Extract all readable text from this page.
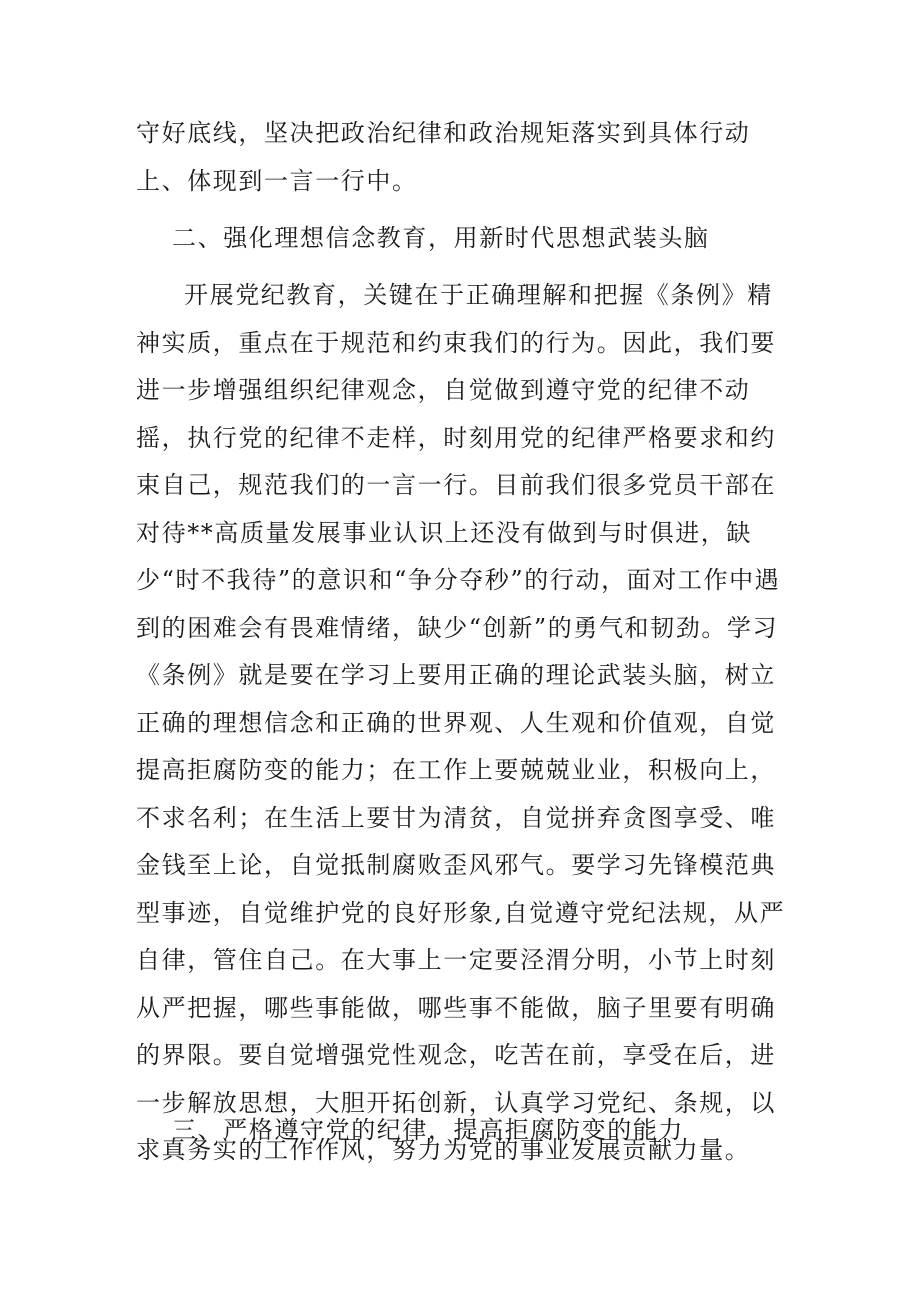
守好底线，坚决把政治纪律和政治规矩落实到具体行动上、体现到一言一行中。

二、强化理想信念教育，用新时代思想武装头脑

开展党纪教育，关键在于正确理解和把握《条例》精神实质，重点在于规范和约束我们的行为。因此，我们要进一步增强组织纪律观念，自觉做到遵守党的纪律不动摇，执行党的纪律不走样，时刻用党的纪律严格要求和约束自己，规范我们的一言一行。目前我们很多党员干部在对待**高质量发展事业认识上还没有做到与时俱进，缺少“时不我待”的意识和“争分夺秒”的行动，面对工作中遇到的困难会有畏难情绪，缺少“创新”的勇气和韧劲。学习《条例》就是要在学习上要用正确的理论武装头脑，树立正确的理想信念和正确的世界观、人生观和价值观，自觉提高拒腐防变的能力；在工作上要兢兢业业，积极向上，不求名利；在生活上要甘为清贫，自觉拼弃贪图享受、唯金钱至上论，自觉抵制腐败歪风邪气。要学习先锋模范典型事迹，自觉维护党的良好形象,自觉遵守党纪法规，从严自律，管住自己。在大事上一定要泾渭分明，小节上时刻从严把握，哪些事能做，哪些事不能做，脑子里要有明确的界限。要自觉增强党性观念，吃苦在前，享受在后，进一步解放思想，大胆开拓创新，认真学习党纪、条规，以求真务实的工作作风，努力为党的事业发展贡献力量。

三、严格遵守党的纪律，提高拒腐防变的能力
